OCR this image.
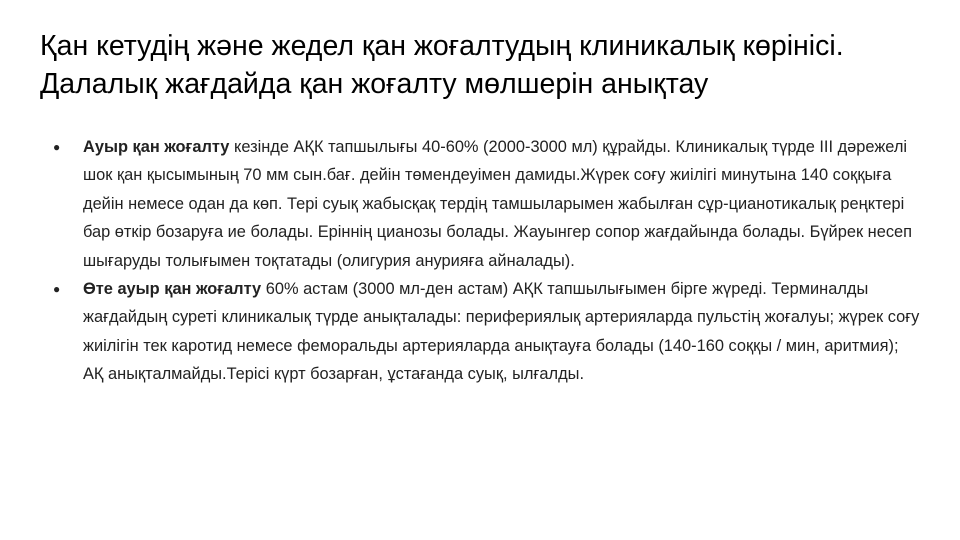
Қан кетудің және жедел қан жоғалтудың клиникалық көрінісі.
Далалық жағдайда қан жоғалту мөлшерін анықтау
●
Ауыр қан жоғалту кезінде АҚК тапшылығы 40-60% (2000-3000 мл) құрайды. Клиникалық түрде ІІІ дәрежелі шок қан қысымының 70 мм сын.бағ. дейін төмендеуімен дамиды.Жүрек соғу жиілігі минутына 140 соққыға дейін немесе одан да көп. Тері суық жабысқақ тердің тамшыларымен жабылған сұр-цианотикалық реңктері бар өткір бозаруға ие болады. Еріннің цианозы болады. Жауынгер сопор жағдайында болады. Бүйрек несеп шығаруды толығымен тоқтатады (олигурия анурияға айналады).
●
Өте ауыр қан жоғалту 60% астам (3000 мл-ден астам) АҚК тапшылығымен бірге жүреді. Терминалды жағдайдың суреті клиникалық түрде анықталады: перифериялық артерияларда пульстің жоғалуы; жүрек соғу жиілігін тек каротид немесе феморальды артерияларда анықтауға болады (140-160 соққы / мин, аритмия); АҚ анықталмайды.Терісі күрт бозарған, ұстағанда суық, ылғалды.
